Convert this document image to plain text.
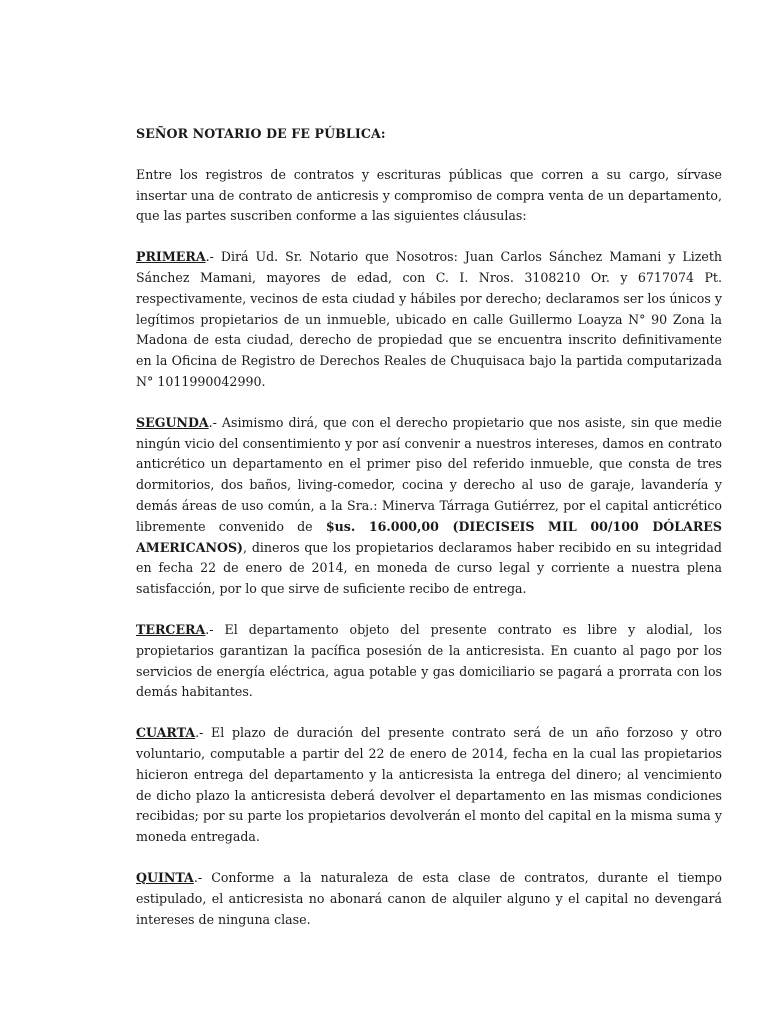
SEÑOR NOTARIO DE FE PÚBLICA:

Entre los registros de contratos y escrituras públicas que corren a su cargo, sírvase insertar una de contrato de anticresis y compromiso de compra venta de un departamento, que las partes suscriben conforme a las siguientes cláusulas:

PRIMERA.- Dirá Ud. Sr. Notario que Nosotros: Juan Carlos Sánchez Mamani y Lizeth Sánchez Mamani, mayores de edad, con C. I. Nros. 3108210 Or. y 6717074 Pt. respectivamente, vecinos de esta ciudad y hábiles por derecho; declaramos ser los únicos y legítimos propietarios de un inmueble, ubicado en calle Guillermo Loayza N° 90 Zona la Madona de esta ciudad, derecho de propiedad que se encuentra inscrito definitivamente en la Oficina de Registro de Derechos Reales de Chuquisaca bajo la partida computarizada N° 1011990042990.

SEGUNDA.- Asimismo dirá, que con el derecho propietario que nos asiste, sin que medie ningún vicio del consentimiento y por así convenir a nuestros intereses, damos en contrato anticrético un departamento en el primer piso del referido inmueble, que consta de tres dormitorios, dos baños, living-comedor, cocina y derecho al uso de garaje, lavandería y demás áreas de uso común, a la Sra.: Minerva Tárraga Gutiérrez, por el capital anticrético libremente convenido de $us. 16.000,00 (DIECISEIS MIL 00/100 DÓLARES AMERICANOS), dineros que los propietarios declaramos haber recibido en su integridad en fecha 22 de enero de 2014, en moneda de curso legal y corriente a nuestra plena satisfacción, por lo que sirve de suficiente recibo de entrega.

TERCERA.- El departamento objeto del presente contrato es libre y alodial, los propietarios garantizan la pacífica posesión de la anticresista. En cuanto al pago por los servicios de energía eléctrica, agua potable y gas domiciliario se pagará a prorrata con los demás habitantes.

CUARTA.- El plazo de duración del presente contrato será de un año forzoso y otro voluntario, computable a partir del 22 de enero de 2014, fecha en la cual las propietarios hicieron entrega del departamento y la anticresista la entrega del dinero; al vencimiento de dicho plazo la anticresista deberá devolver el departamento en las mismas condiciones recibidas; por su parte los propietarios devolverán el monto del capital en la misma suma y moneda entregada.

QUINTA.- Conforme a la naturaleza de esta clase de contratos, durante el tiempo estipulado, el anticresista no abonará canon de alquiler alguno y el capital no devengará intereses de ninguna clase.
